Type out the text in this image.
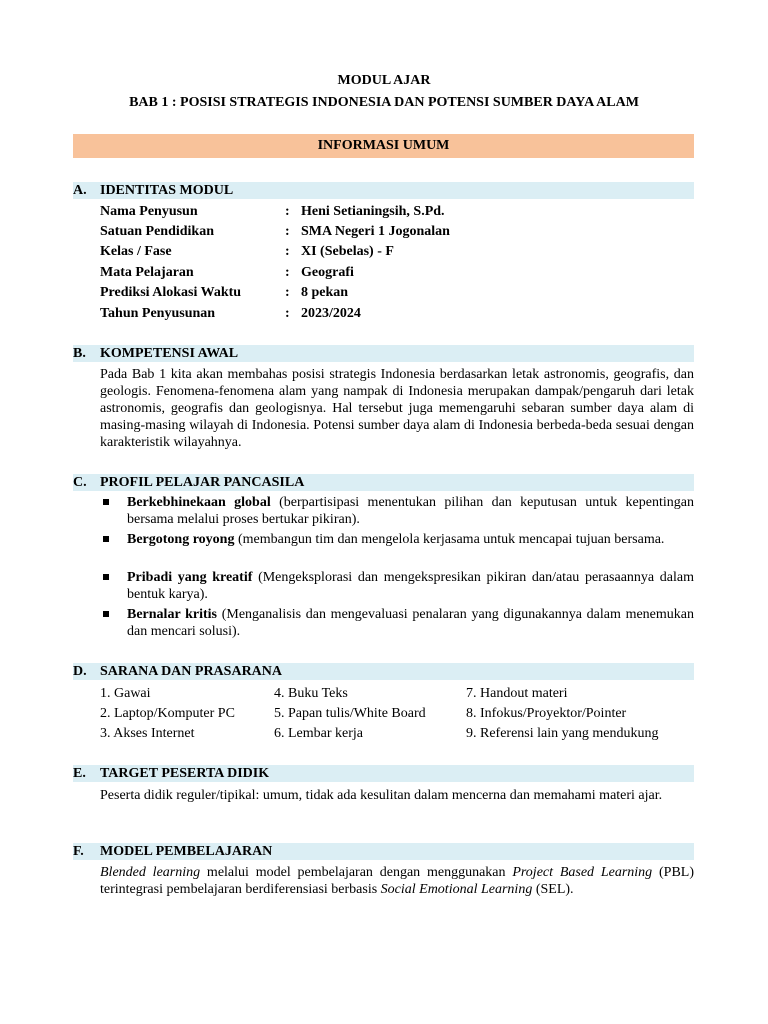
MODUL AJAR
BAB 1 : POSISI STRATEGIS INDONESIA DAN POTENSI SUMBER DAYA ALAM
INFORMASI UMUM
A. IDENTITAS MODUL
Nama Penyusun	: Heni Setianingsih, S.Pd.
Satuan Pendidikan	: SMA Negeri 1 Jogonalan
Kelas / Fase	: XI (Sebelas) - F
Mata Pelajaran	: Geografi
Prediksi Alokasi Waktu	: 8 pekan
Tahun Penyusunan	: 2023/2024
B. KOMPETENSI AWAL
Pada Bab 1 kita akan membahas posisi strategis Indonesia berdasarkan letak astronomis, geografis, dan geologis. Fenomena-fenomena alam yang nampak di Indonesia merupakan dampak/pengaruh dari letak astronomis, geografis dan geologisnya. Hal tersebut juga memengaruhi sebaran sumber daya alam di masing-masing wilayah di Indonesia. Potensi sumber daya alam di Indonesia berbeda-beda sesuai dengan karakteristik wilayahnya.
C. PROFIL PELAJAR PANCASILA
Berkebhinekaan global (berpartisipasi menentukan pilihan dan keputusan untuk kepentingan bersama melalui proses bertukar pikiran).
Bergotong royong (membangun tim dan mengelola kerjasama untuk mencapai tujuan bersama.
Pribadi yang kreatif (Mengeksplorasi dan mengekspresikan pikiran dan/atau perasaannya dalam bentuk karya).
Bernalar kritis (Menganalisis dan mengevaluasi penalaran yang digunakannya dalam menemukan dan mencari solusi).
D. SARANA DAN PRASARANA
1. Gawai	4. Buku Teks	7. Handout materi
2. Laptop/Komputer PC	5. Papan tulis/White Board	8. Infokus/Proyektor/Pointer
3. Akses Internet	6. Lembar kerja	9. Referensi lain yang mendukung
E. TARGET PESERTA DIDIK
Peserta didik reguler/tipikal: umum, tidak ada kesulitan dalam mencerna dan memahami materi ajar.
F. MODEL PEMBELAJARAN
Blended learning melalui model pembelajaran dengan menggunakan Project Based Learning (PBL) terintegrasi pembelajaran berdiferensiasi berbasis Social Emotional Learning (SEL).
